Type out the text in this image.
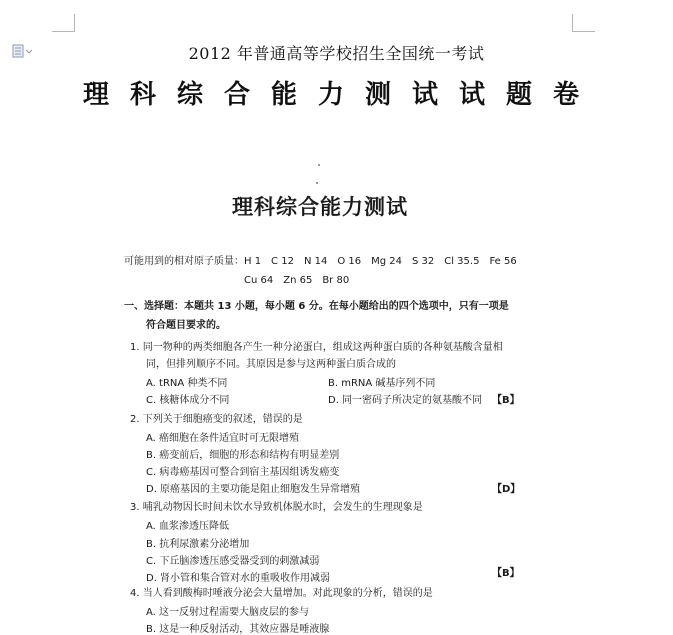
2012 年普通高等学校招生全国统一考试
理科综合能力测试试题卷
理科综合能力测试
可能用到的相对原子质量：H 1　C 12　N 14　O 16　Mg 24　S 32　Cl 35.5　Fe 56
Cu 64　Zn 65　Br 80
一、选择题：本题共 13 小题，每小题 6 分。在每小题给出的四个选项中，只有一项是
符合题目要求的。
1. 同一物种的两类细胞各产生一种分泌蛋白，组成这两种蛋白质的各种氨基酸含量相
同，但排列顺序不同。其原因是参与这两种蛋白质合成的
A. tRNA 种类不同	B. mRNA 碱基序列不同
C. 核糖体成分不同	D. 同一密码子所决定的氨基酸不同 【B】
2. 下列关于细胞癌变的叙述，错误的是
A. 癌细胞在条件适宜时可无限增殖
B. 癌变前后，细胞的形态和结构有明显差别
C. 病毒癌基因可整合到宿主基因组诱发癌变
D. 原癌基因的主要功能是阻止细胞发生异常增殖	【D】
3. 哺乳动物因长时间未饮水导致机体脱水时，会发生的生理现象是
A. 血浆渗透压降低
B. 抗利尿激素分泌增加
C. 下丘脑渗透压感受器受到的刺激减弱
D. 肾小管和集合管对水的重吸收作用减弱	【B】
4. 当人看到酸梅时唾液分泌会大量增加。对此现象的分析，错误的是
A. 这一反射过程需要大脑皮层的参与
B. 这是一种反射活动，其效应器是唾液腺
